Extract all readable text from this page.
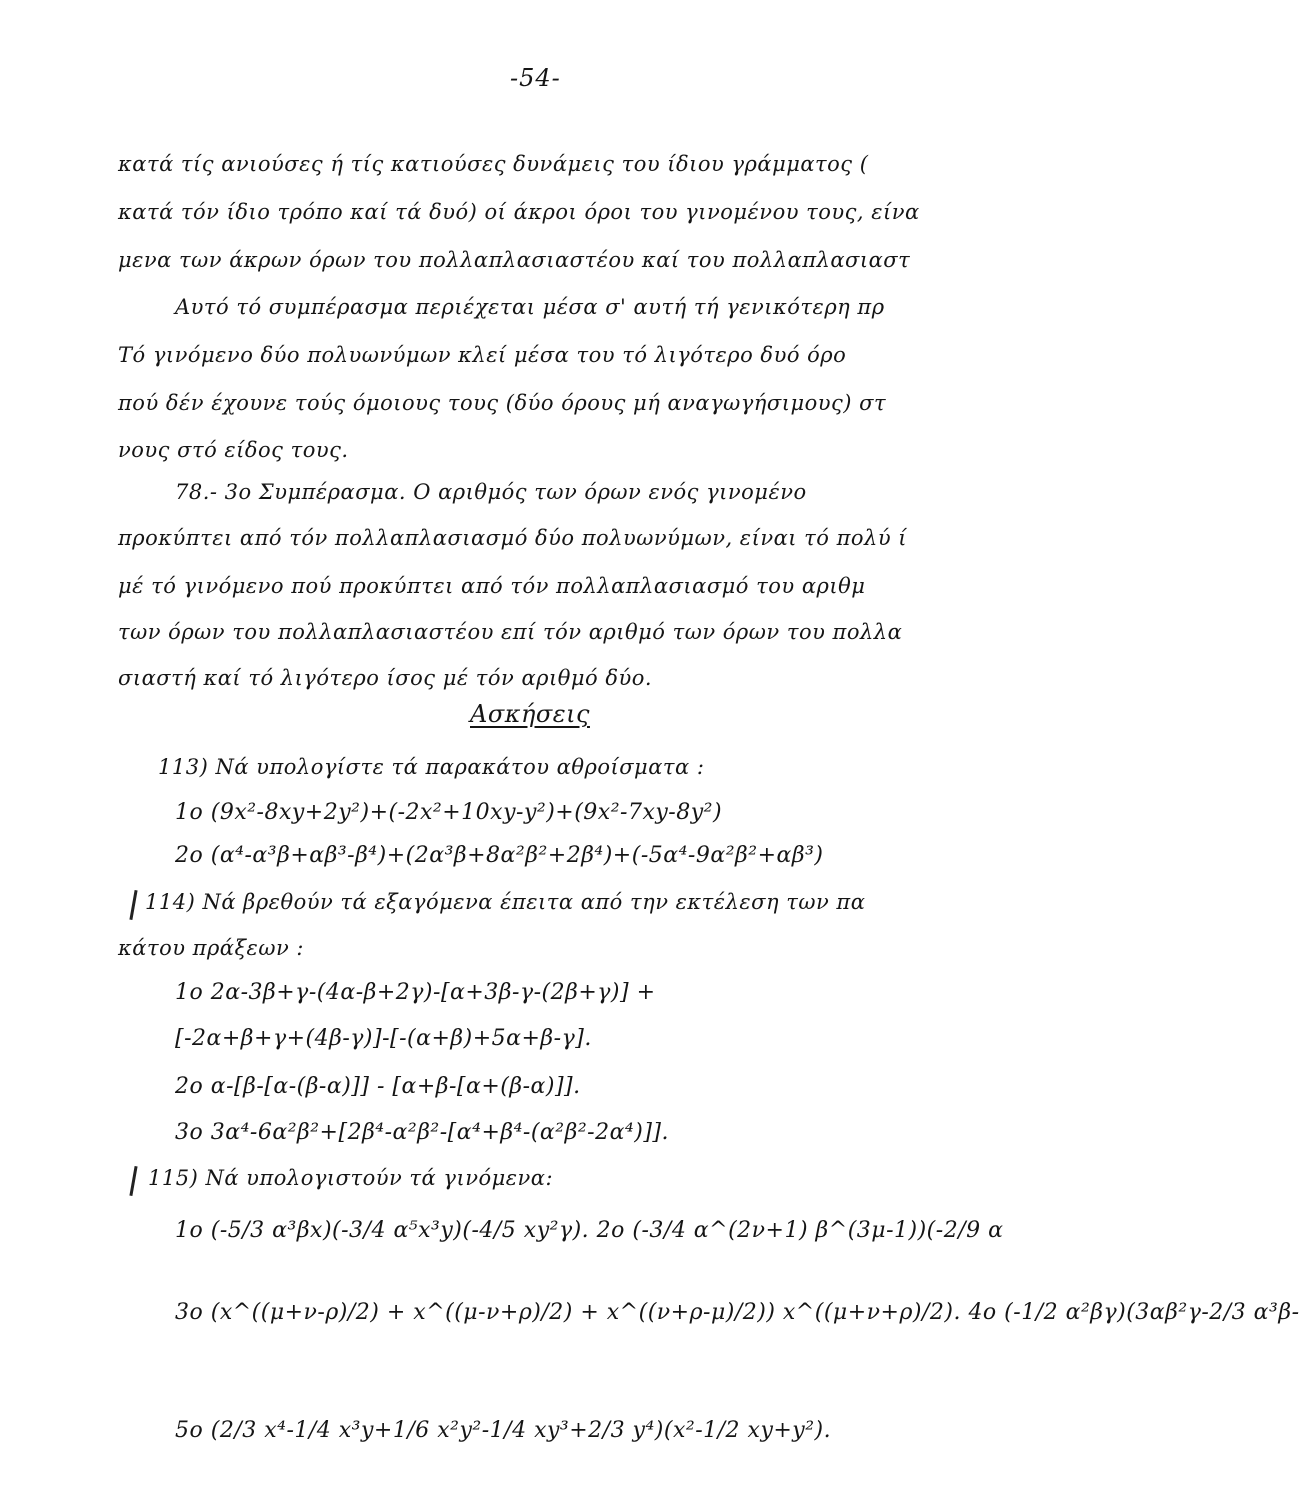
-54-
κατά τίς ανιούσες ή τίς κατιούσες δυνάμεις του ίδιου γράμματος (
κατά τόν ίδιο τρόπο καί τά δυό) οί άκροι όροι του γινομένου τους, είνα
μενα των άκρων όρων του πολλαπλασιαστέου καί του πολλαπλασιαστ
Αυτό τό συμπέρασμα περιέχεται μέσα σ' αυτή τή γενικότερη πρ
Τό γινόμενο δύο πολυωνύμων κλεί μέσα του τό λιγότερο δυό όρο
πού δέν έχουνε τούς όμοιους τους (δύο όρους μή αναγωγήσιμους) στ
νους στό είδος τους.
78.- 3ο Συμπέρασμα. Ο αριθμός των όρων ενός γινομένο
προκύπτει από τόν πολλαπλασιασμό δύο πολυωνύμων, είναι τό πολύ ί
μέ τό γινόμενο πού προκύπτει από τόν πολλαπλασιασμό του αριθμ
των όρων του πολλαπλασιαστέου επί τόν αριθμό των όρων του πολλα
σιαστή καί τό λιγότερο ίσος μέ τόν αριθμό δύο.
Ασκήσεις
113) Νά υπολογίστε τά παρακάτου αθροίσματα :
1ο (9x²-8xy+2y²)+(-2x²+10xy-y²)+(9x²-7xy-8y²)
2ο (α⁴-α³β+αβ³-β⁴)+(2α³β+8α²β²+2β⁴)+(-5α⁴-9α²β²+αβ³)
114) Νά βρεθούν τά εξαγόμενα έπειτα από την εκτέλεση των πα
κάτου πράξεων :
1ο 2α-3β+γ-(4α-β+2γ)-[α+3β-γ-(2β+γ)] +
[-2α+β+γ+(4β-γ)]-[-(α+β)+5α+β-γ].
2ο α-[β-[α-(β-α)]] - [α+β-[α+(β-α)]].
3ο 3α⁴-6α²β²+[2β⁴-α²β²-[α⁴+β⁴-(α²β²-2α⁴)]].
115) Νά υπολογιστούν τά γινόμενα:
1ο (-5/3 α³βx)(-3/4 α⁵x³y)(-4/5 xy²γ). 2ο (-3/4 α^(2ν+1) β^(3μ-1))(-2/9 α
3ο (x^((μ+ν-ρ)/2) + x^((μ-ν+ρ)/2) + x^((ν+ρ-μ)/2)) x^((μ+ν+ρ)/2). 4ο (-1/2 α²βγ)(3αβ²γ-2/3 α³β-
5ο (2/3 x⁴-1/4 x³y+1/6 x²y²-1/4 xy³+2/3 y⁴)(x²-1/2 xy+y²).
